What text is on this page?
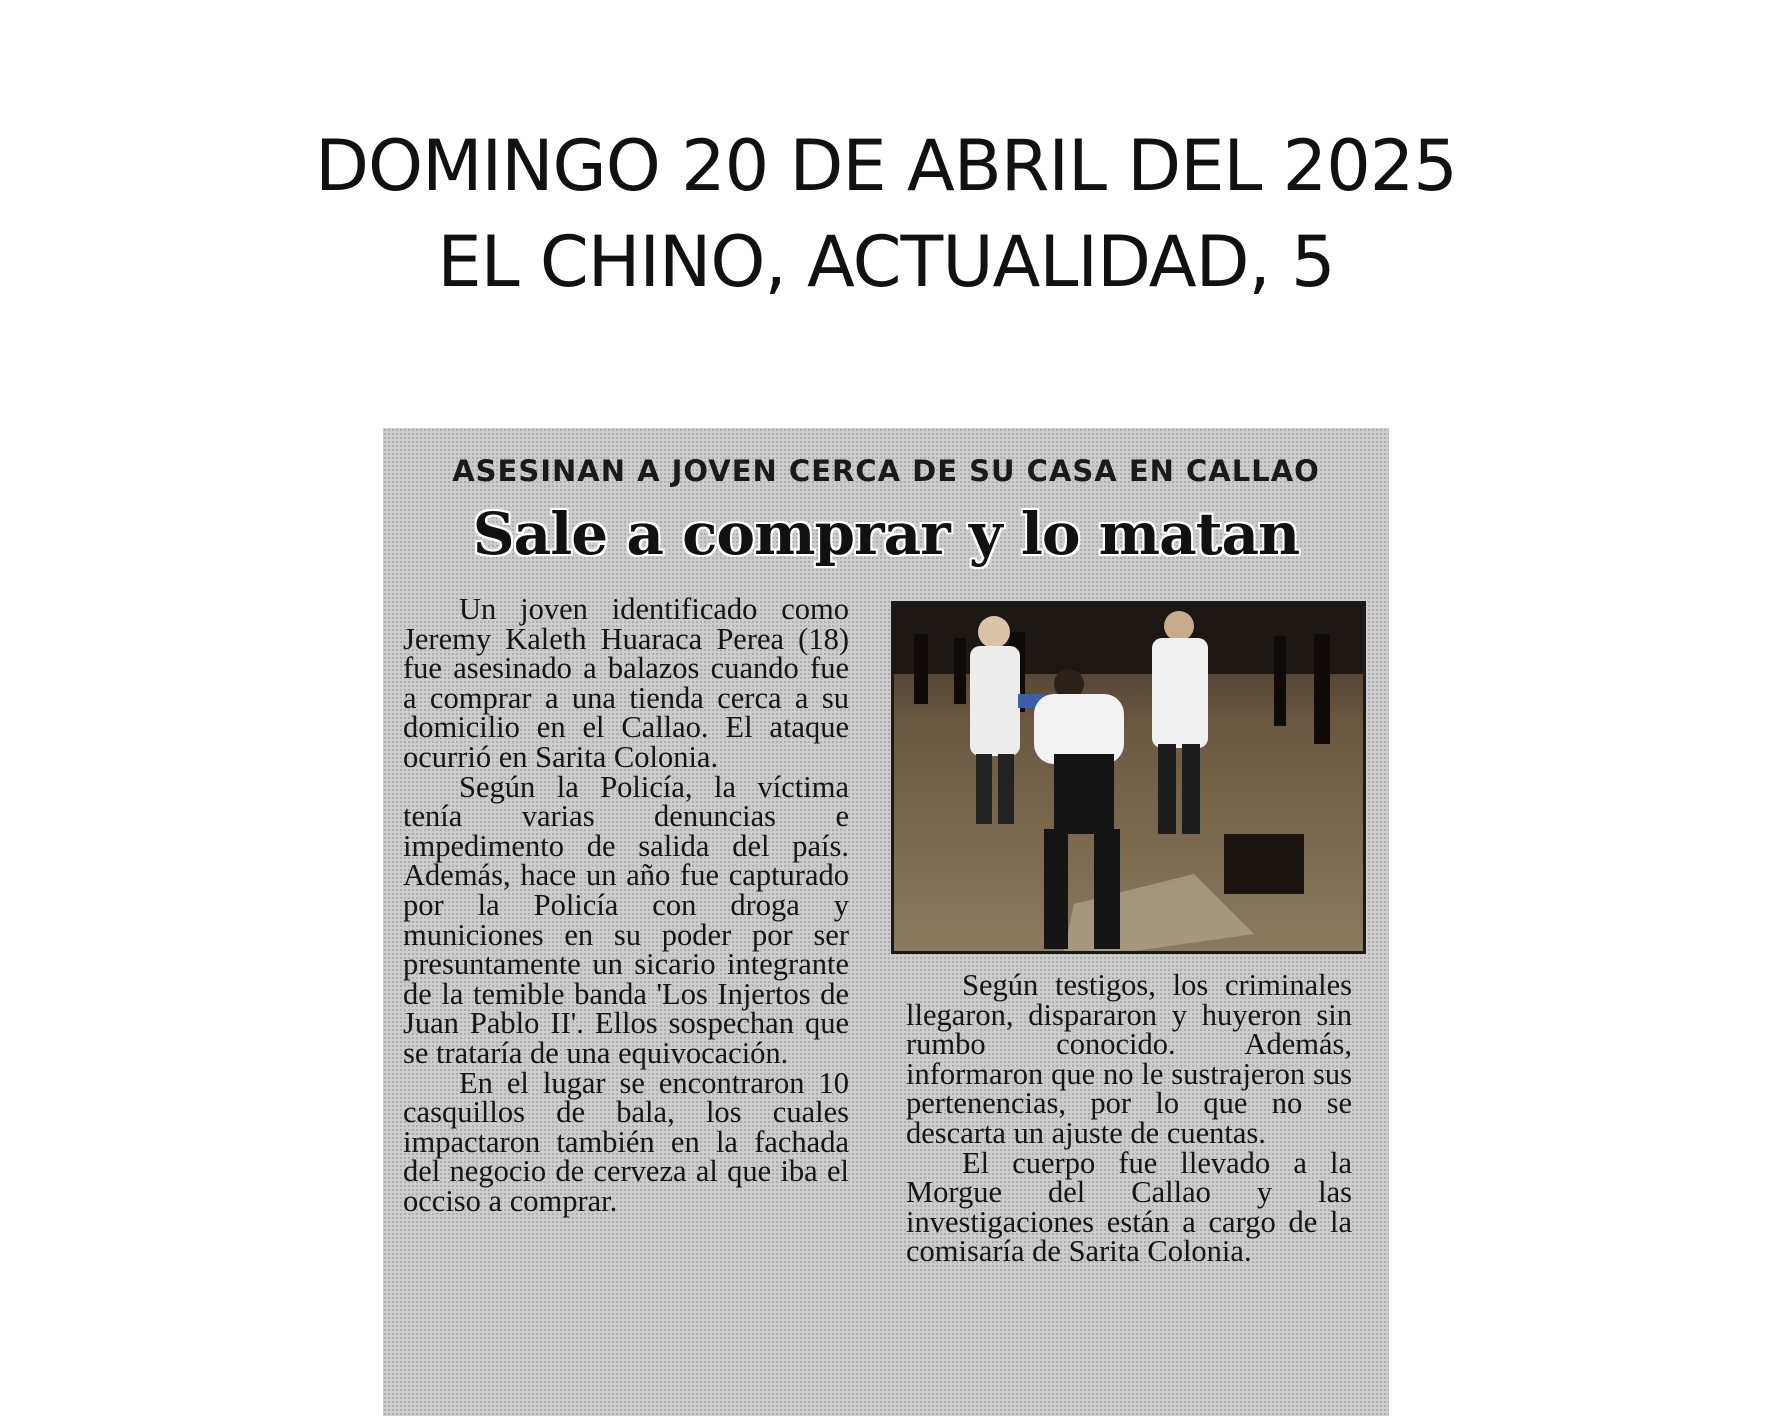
DOMINGO 20 DE ABRIL DEL 2025
EL CHINO, ACTUALIDAD, 5
ASESINAN A JOVEN CERCA DE SU CASA EN CALLAO
Sale a comprar y lo matan

Un joven identificado como Jeremy Kaleth Huaraca Perea (18) fue asesinado a balazos cuando fue a comprar a una tienda cerca a su domicilio en el Callao. El ataque ocurrió en Sarita Colonia.

Según la Policía, la víctima tenía varias denuncias e impedimento de salida del país. Además, hace un año fue capturado por la Policía con droga y municiones en su poder por ser presuntamente un sicario integrante de la temible banda 'Los Injertos de Juan Pablo II'. Ellos sospechan que se trataría de una equivocación.

En el lugar se encontraron 10 casquillos de bala, los cuales impactaron también en la fachada del negocio de cerveza al que iba el occiso a comprar.

Según testigos, los criminales llegaron, dispararon y huyeron sin rumbo conocido. Además, informaron que no le sustrajeron sus pertenencias, por lo que no se descarta un ajuste de cuentas.

El cuerpo fue llevado a la Morgue del Callao y las investigaciones están a cargo de la comisaría de Sarita Colonia.
